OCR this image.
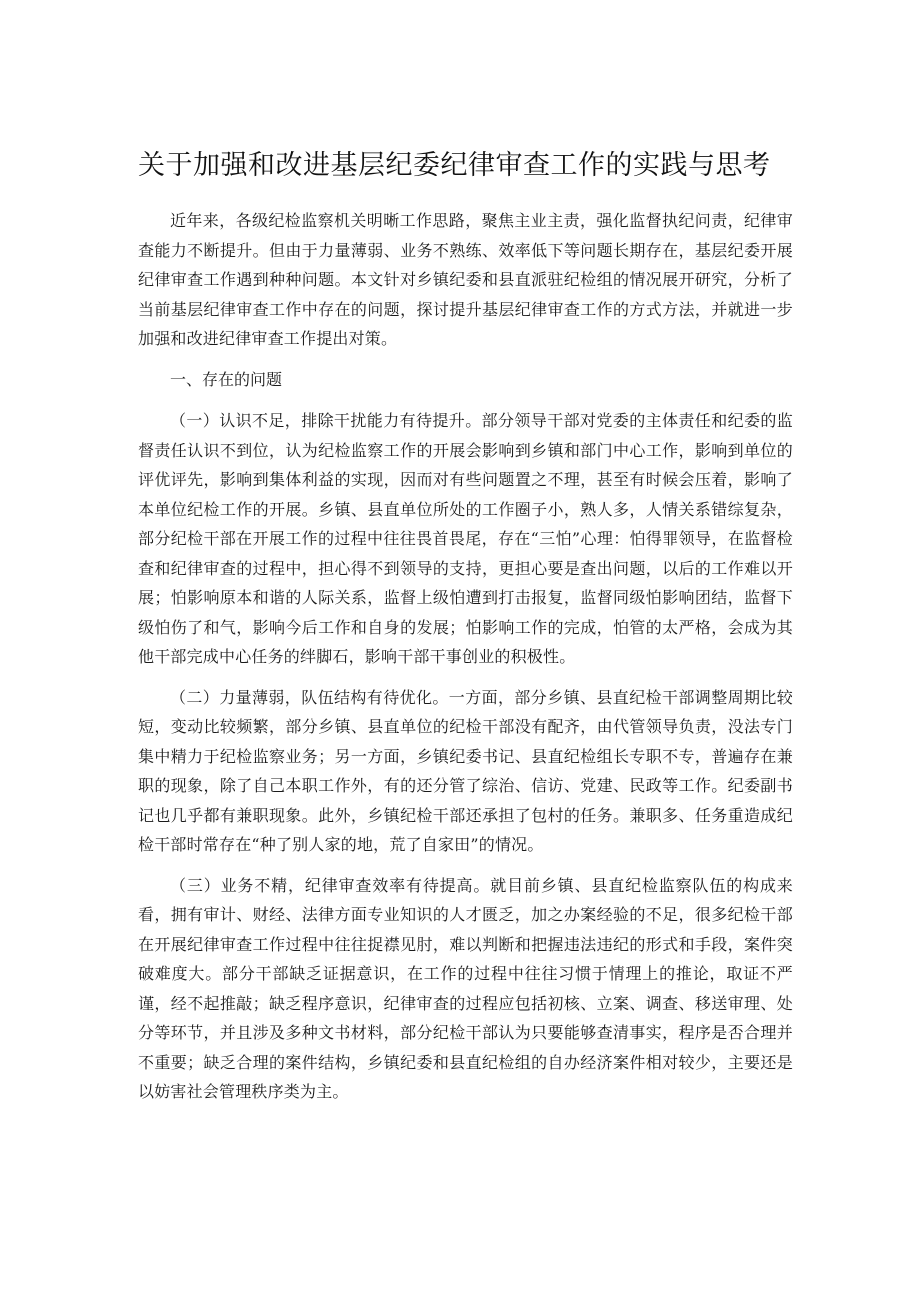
关于加强和改进基层纪委纪律审查工作的实践与思考

近年来，各级纪检监察机关明晰工作思路，聚焦主业主责，强化监督执纪问责，纪律审查能力不断提升。但由于力量薄弱、业务不熟练、效率低下等问题长期存在，基层纪委开展纪律审查工作遇到种种问题。本文针对乡镇纪委和县直派驻纪检组的情况展开研究，分析了当前基层纪律审查工作中存在的问题，探讨提升基层纪律审查工作的方式方法，并就进一步加强和改进纪律审查工作提出对策。

一、存在的问题

（一）认识不足，排除干扰能力有待提升。部分领导干部对党委的主体责任和纪委的监督责任认识不到位，认为纪检监察工作的开展会影响到乡镇和部门中心工作，影响到单位的评优评先，影响到集体利益的实现，因而对有些问题置之不理，甚至有时候会压着，影响了本单位纪检工作的开展。乡镇、县直单位所处的工作圈子小，熟人多，人情关系错综复杂，部分纪检干部在开展工作的过程中往往畏首畏尾，存在“三怕”心理：怕得罪领导，在监督检查和纪律审查的过程中，担心得不到领导的支持，更担心要是查出问题，以后的工作难以开展；怕影响原本和谐的人际关系，监督上级怕遭到打击报复，监督同级怕影响团结，监督下级怕伤了和气，影响今后工作和自身的发展；怕影响工作的完成，怕管的太严格，会成为其他干部完成中心任务的绊脚石，影响干部干事创业的积极性。

（二）力量薄弱，队伍结构有待优化。一方面，部分乡镇、县直纪检干部调整周期比较短，变动比较频繁，部分乡镇、县直单位的纪检干部没有配齐，由代管领导负责，没法专门集中精力于纪检监察业务；另一方面，乡镇纪委书记、县直纪检组长专职不专，普遍存在兼职的现象，除了自己本职工作外，有的还分管了综治、信访、党建、民政等工作。纪委副书记也几乎都有兼职现象。此外，乡镇纪检干部还承担了包村的任务。兼职多、任务重造成纪检干部时常存在“种了别人家的地，荒了自家田”的情况。

（三）业务不精，纪律审查效率有待提高。就目前乡镇、县直纪检监察队伍的构成来看，拥有审计、财经、法律方面专业知识的人才匮乏，加之办案经验的不足，很多纪检干部在开展纪律审查工作过程中往往捉襟见肘，难以判断和把握违法违纪的形式和手段，案件突破难度大。部分干部缺乏证据意识，在工作的过程中往往习惯于情理上的推论，取证不严谨，经不起推敲；缺乏程序意识，纪律审查的过程应包括初核、立案、调查、移送审理、处分等环节，并且涉及多种文书材料，部分纪检干部认为只要能够查清事实，程序是否合理并不重要；缺乏合理的案件结构，乡镇纪委和县直纪检组的自办经济案件相对较少，主要还是以妨害社会管理秩序类为主。
